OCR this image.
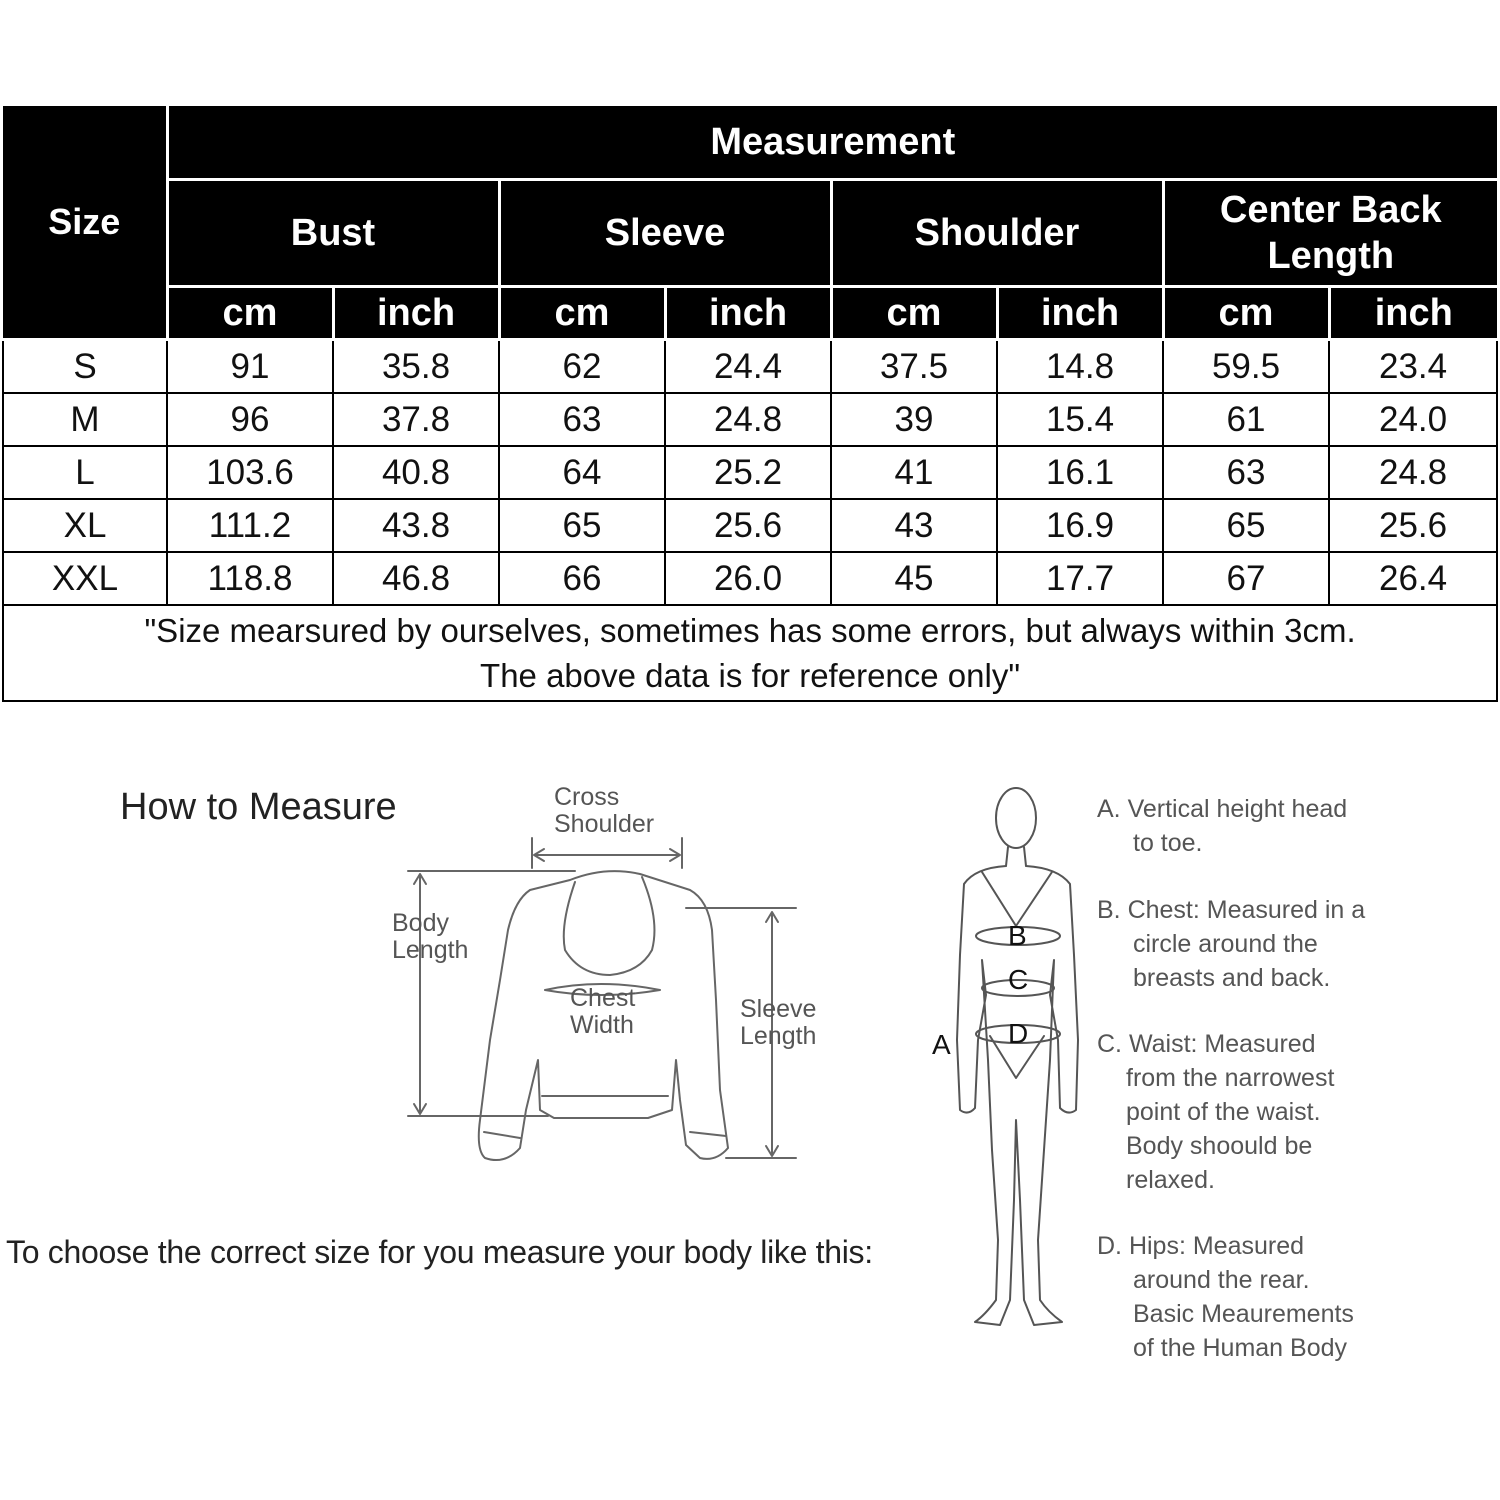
Size	Measurement							
	Bust		Sleeve		Shoulder		Center Back Length	
	cm	inch	cm	inch	cm	inch	cm	inch
S	91	35.8	62	24.4	37.5	14.8	59.5	23.4
M	96	37.8	63	24.8	39	15.4	61	24.0
L	103.6	40.8	64	25.2	41	16.1	63	24.8
XL	111.2	43.8	65	25.6	43	16.9	65	25.6
XXL	118.8	46.8	66	26.0	45	17.7	67	26.4

"Size mearsured by ourselves, sometimes has some errors, but always within 3cm.
The above data is for reference only"								
How to Measure	Cross
Shoulder
Body
Length
Chest
Width
Sleeve
Length
To choose the correct size for you measure your body like this:
B
C
D
A
A. Vertical height head
to toe.
B. Chest: Measured in a
circle around the
breasts and back.
C. Waist: Measured
from the narrowest
point of the waist.
Body shoould be
relaxed.
D. Hips: Measured
around the rear.
Basic Meaurements
of the Human Body
